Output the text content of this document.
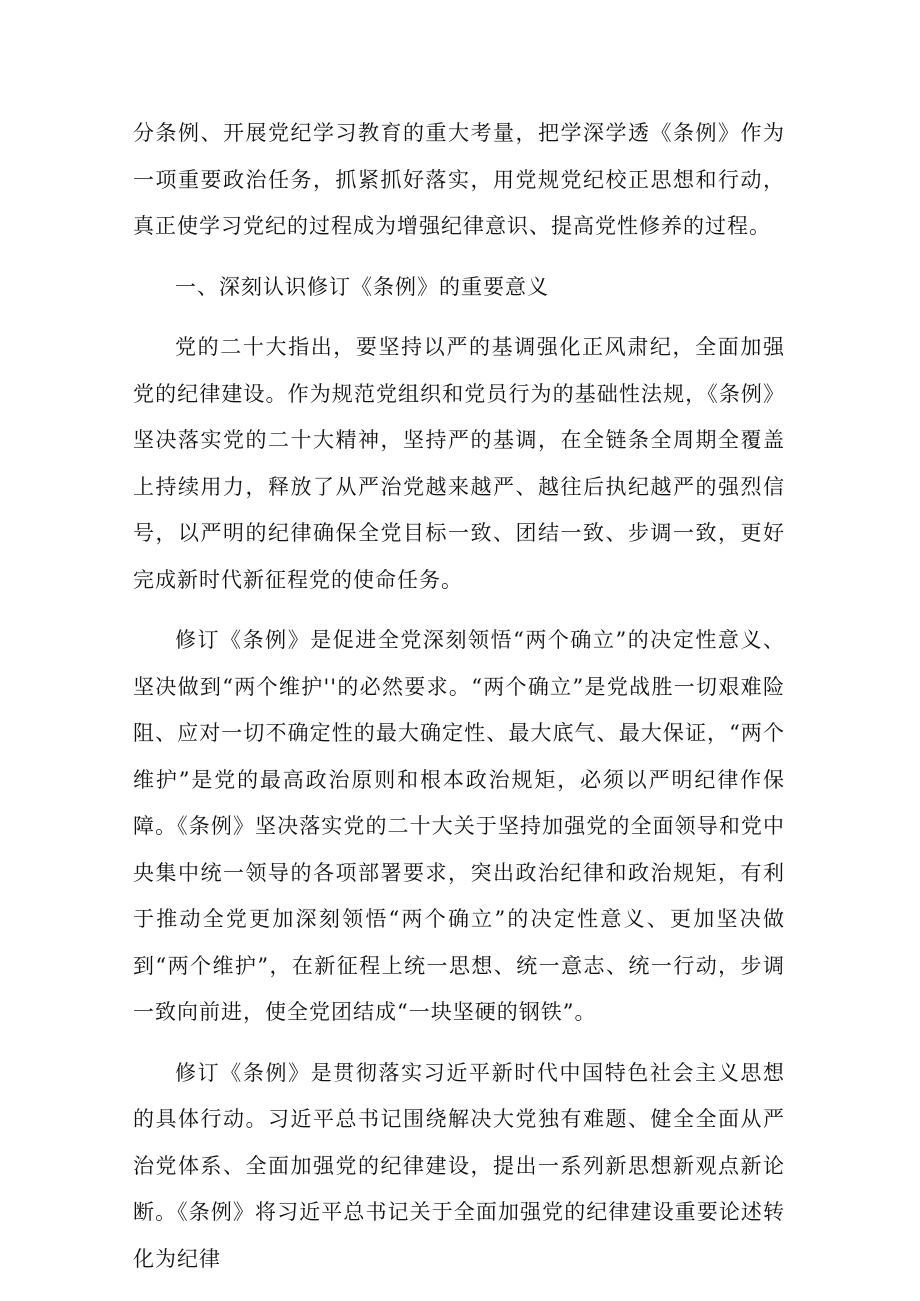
分条例、开展党纪学习教育的重大考量，把学深学透《条例》作为一项重要政治任务，抓紧抓好落实，用党规党纪校正思想和行动，真正使学习党纪的过程成为增强纪律意识、提高党性修养的过程。

一、深刻认识修订《条例》的重要意义

党的二十大指出，要坚持以严的基调强化正风肃纪，全面加强党的纪律建设。作为规范党组织和党员行为的基础性法规，《条例》坚决落实党的二十大精神，坚持严的基调，在全链条全周期全覆盖上持续用力，释放了从严治党越来越严、越往后执纪越严的强烈信号，以严明的纪律确保全党目标一致、团结一致、步调一致，更好完成新时代新征程党的使命任务。

修订《条例》是促进全党深刻领悟“两个确立”的决定性意义、坚决做到“两个维护''的必然要求。“两个确立”是党战胜一切艰难险阻、应对一切不确定性的最大确定性、最大底气、最大保证，“两个维护”是党的最高政治原则和根本政治规矩，必须以严明纪律作保障。《条例》坚决落实党的二十大关于坚持加强党的全面领导和党中央集中统一领导的各项部署要求，突出政治纪律和政治规矩，有利于推动全党更加深刻领悟“两个确立”的决定性意义、更加坚决做到“两个维护”，在新征程上统一思想、统一意志、统一行动，步调一致向前进，使全党团结成“一块坚硬的钢铁”。

修订《条例》是贯彻落实习近平新时代中国特色社会主义思想的具体行动。习近平总书记围绕解决大党独有难题、健全全面从严治党体系、全面加强党的纪律建设，提出一系列新思想新观点新论断。《条例》将习近平总书记关于全面加强党的纪律建设重要论述转化为纪律
